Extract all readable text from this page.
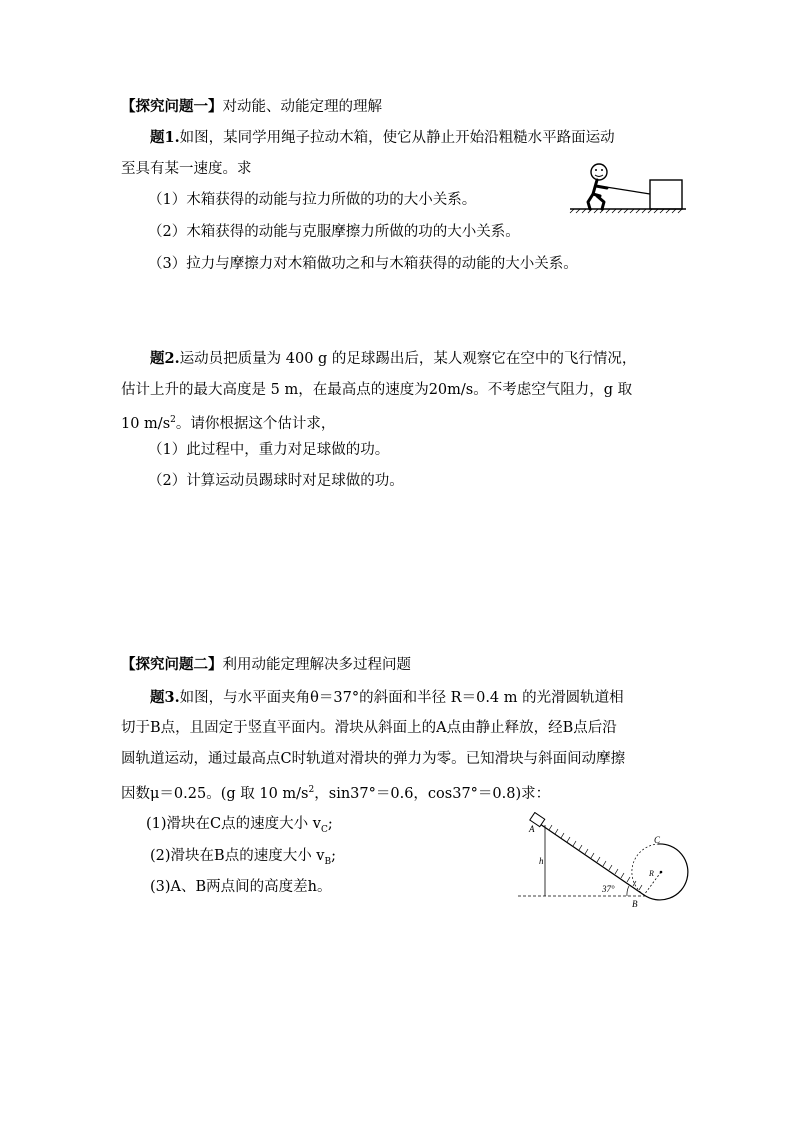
【探究问题一】对动能、动能定理的理解
题1.如图，某同学用绳子拉动木箱，使它从静止开始沿粗糙水平路面运动
至具有某一速度。求
（1）木箱获得的动能与拉力所做的功的大小关系。
（2）木箱获得的动能与克服摩擦力所做的功的大小关系。
（3）拉力与摩擦力对木箱做功之和与木箱获得的动能的大小关系。
题2.运动员把质量为 400 g 的足球踢出后，某人观察它在空中的飞行情况，
估计上升的最大高度是 5 m，在最高点的速度为20m/s。不考虑空气阻力，g 取
10 $m/s^2$。请你根据这个估计求，
（1）此过程中，重力对足球做的功。
（2）计算运动员踢球时对足球做的功。
【探究问题二】利用动能定理解决多过程问题
题3.如图，与水平面夹角θ＝37°的斜面和半径 R＝0.4 m 的光滑圆轨道相
切于B点，且固定于竖直平面内。滑块从斜面上的A点由静止释放，经B点后沿
圆轨道运动，通过最高点C时轨道对滑块的弹力为零。已知滑块与斜面间动摩擦
因数μ＝0.25。(g 取 10 $m/s^2$，sin37°＝0.6，cos37°＝0.8)求：
(1)滑块在C点的速度大小 $v_C$;
(2)滑块在B点的速度大小 $v_B$;
(3)A、B两点间的高度差h。
A
h
37°
B
C
R
